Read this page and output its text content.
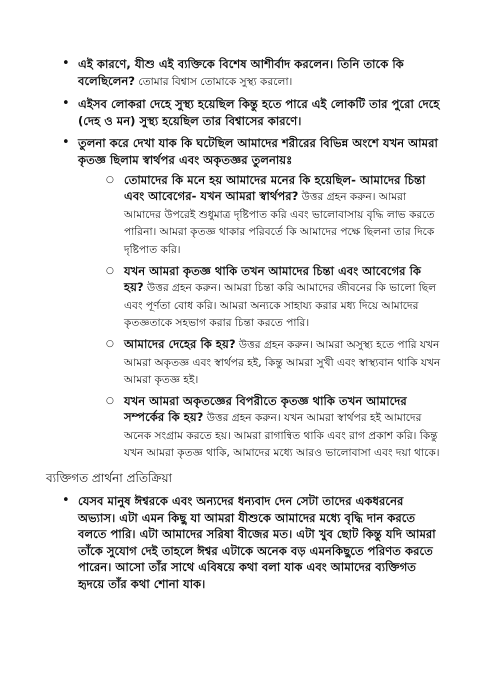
• এই কারণে, যীশু এই ব্যক্তিকে বিশেষ আশীর্বাদ করলেন। তিনি তাকে কি বলেছিলেন? তোমার বিশ্বাস তোমাকে সুস্থ্য করলো।
• এইসব লোকরা দেহে সুস্থ্য হয়েছিল কিন্তু হতে পারে এই লোকটি তার পুরো দেহে (দেহ ও মন) সুস্থ্য হয়েছিল তার বিশ্বাসের কারণে।
• তুলনা করে দেখা যাক কি ঘটেছিল আমাদের শরীরের বিভিন্ন অংশে যখন আমরা কৃতজ্ঞ ছিলাম স্বার্থপর এবং অকৃতজ্ঞর তুলনায়ঃ
○ তোমাদের কি মনে হয় আমাদের মনের কি হয়েছিল- আমাদের চিন্তা এবং আবেগের- যখন আমরা স্বার্থপর? উত্তর গ্রহন করুন। আমরা আমাদের উপরেই শুধুমাত্র দৃষ্টিপাত করি এবং ভালোবাসায় বৃদ্ধি লাভ করতে পারিনা। আমরা কৃতজ্ঞ থাকার পরিবর্তে কি আমাদের পক্ষে ছিলনা তার দিকে দৃষ্টিপাত করি।
○ যখন আমরা কৃতজ্ঞ থাকি তখন আমাদের চিন্তা এবং আবেগের কি হয়? উত্তর গ্রহন করুন। আমরা চিন্তা করি আমাদের জীবনের কি ভালো ছিল এবং পূর্ণতা বোধ করি। আমরা অন্যকে সাহায্য করার মধ্য দিয়ে আমাদের কৃতজ্ঞতাকে সহভাগ করার চিন্তা করতে পারি।
○ আমাদের দেহের কি হয়? উত্তর গ্রহন করুন। আমরা অসুস্থ্য হতে পারি যখন আমরা অকৃতজ্ঞ এবং স্বার্থপর হই, কিন্তু আমরা সুখী এবং স্বাস্থ্যবান থাকি যখন আমরা কৃতজ্ঞ হই।
○ যখন আমরা অকৃতজ্ঞের বিপরীতে কৃতজ্ঞ থাকি তখন আমাদের সম্পর্কের কি হয়? উত্তর গ্রহন করুন। যখন আমরা স্বার্থপর হই আমাদের অনেক সংগ্রাম করতে হয়। আমরা রাগান্বিত থাকি এবং রাগ প্রকাশ করি। কিন্তু যখন আমরা কৃতজ্ঞ থাকি, আমাদের মধ্যে আরও ভালোবাসা এবং দয়া থাকে।
ব্যক্তিগত প্রার্থনা প্রতিক্রিয়া
• যেসব মানুষ ঈশ্বরকে এবং অন্যদের ধন্যবাদ দেন সেটা তাদের একধরনের অভ্যাস। এটা এমন কিছু যা আমরা যীশুকে আমাদের মধ্যে বৃদ্ধি দান করতে বলতে পারি। এটা আমাদের সরিষা বীজের মত। এটা খুব ছোট কিন্তু যদি আমরা তাঁকে সুযোগ দেই তাহলে ঈশ্বর এটাকে অনেক বড় এমনকিছুতে পরিণত করতে পারেন। আসো তাঁর সাথে এবিষয়ে কথা বলা যাক এবং আমাদের ব্যক্তিগত হৃদয়ে তাঁর কথা শোনা যাক।
